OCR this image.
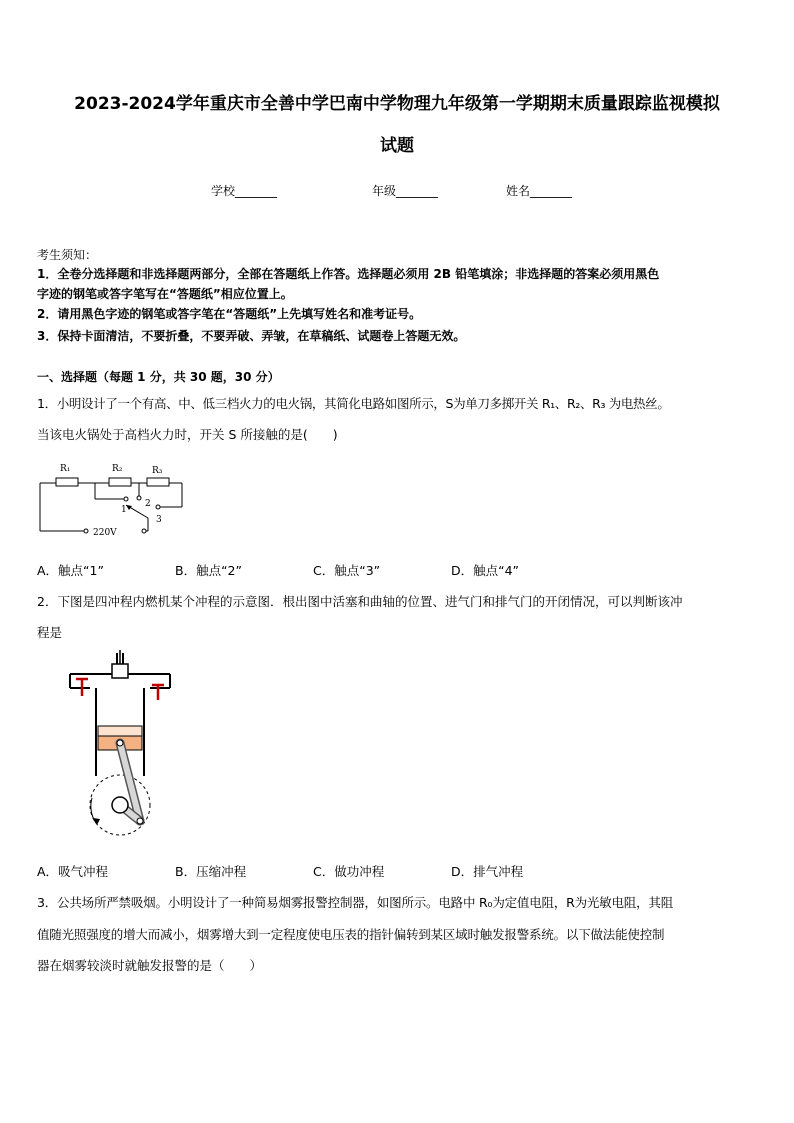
2023-2024学年重庆市全善中学巴南中学物理九年级第一学期期末质量跟踪监视模拟
试题
学校_______	年级_______	姓名_______
考生须知：
1．全卷分选择题和非选择题两部分，全部在答题纸上作答。选择题必须用 2B 铅笔填涂；非选择题的答案必须用黑色
字迹的钢笔或答字笔写在“答题纸”相应位置上。
2．请用黑色字迹的钢笔或答字笔在“答题纸”上先填写姓名和准考证号。
3．保持卡面清洁，不要折叠，不要弄破、弄皱，在草稿纸、试题卷上答题无效。
一、选择题（每题 1 分，共 30 题，30 分）
1．小明设计了一个有高、中、低三档火力的电火锅，其简化电路如图所示，S为单刀多掷开关 R₁、R₂、R₃ 为电热丝。
当该电火锅处于高档火力时，开关 S 所接触的是(　　)
R₁	R₂	R₃
1
2
3
220V
A．触点“1”	B．触点“2”	C．触点“3”	D．触点“4”
2．下图是四冲程内燃机某个冲程的示意图．根出图中活塞和曲轴的位置、进气门和排气门的开闭情况，可以判断该冲
程是
A．吸气冲程	B．压缩冲程	C．做功冲程	D．排气冲程
3．公共场所严禁吸烟。小明设计了一种简易烟雾报警控制器，如图所示。电路中 R₀为定值电阻，R为光敏电阻，其阻
值随光照强度的增大而减小，烟雾增大到一定程度使电压表的指针偏转到某区域时触发报警系统。以下做法能使控制
器在烟雾较淡时就触发报警的是（　　）
